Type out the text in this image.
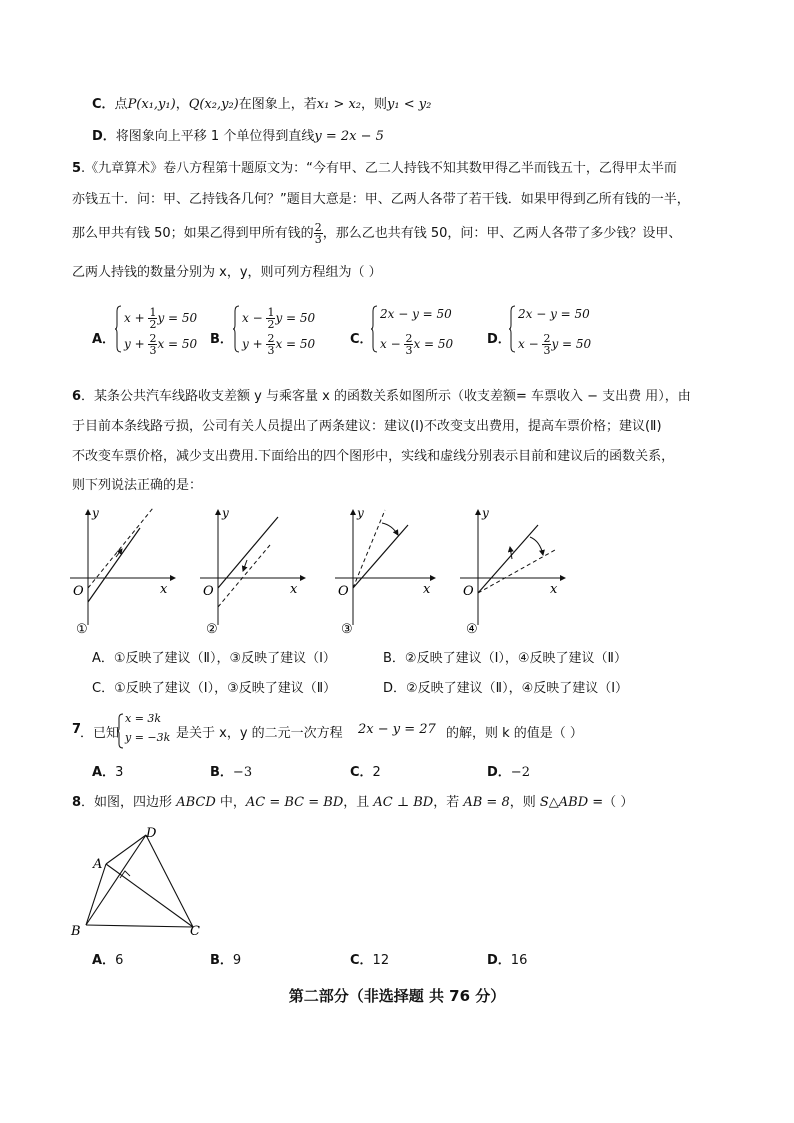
C．点P(x₁,y₁)，Q(x₂,y₂)在图象上，若x₁ > x₂，则y₁ < y₂
D．将图象向上平移 1 个单位得到直线y = 2x − 5
5.《九章算术》卷八方程第十题原文为：“今有甲、乙二人持钱不知其数甲得乙半而钱五十，乙得甲太半而
亦钱五十．问：甲、乙持钱各几何？”题目大意是：甲、乙两人各带了若干钱．如果甲得到乙所有钱的一半，
那么甲共有钱 50；如果乙得到甲所有钱的 $\frac{2}{3}$ ，那么乙也共有钱 50，问：甲、乙两人各带了多少钱？设甲、
乙两人持钱的数量分别为 x，y，则可列方程组为（ ）
A．
$x + \frac{1}{2}$ y = 50
$y + \frac{2}{3}$ x = 50 B．
$x - \frac{1}{2}$ y = 50
$y + \frac{2}{3}$ x = 50	C．
2x − y = 50
$x - \frac{2}{3}$ x = 50	D．
2x − y = 50
$x - \frac{2}{3}$ y = 50
6．某条公共汽车线路收支差额 y 与乘客量 x 的函数关系如图所示（收支差额= 车票收入 − 支出费 用），由
于目前本条线路亏损，公司有关人员提出了两条建议：建议(Ⅰ)不改变支出费用，提高车票价格；建议(Ⅱ)
不改变车票价格，减少支出费用.下面给出的四个图形中，实线和虚线分别表示目前和建议后的函数关系，
则下列说法正确的是：
O	x
y
①
O	x
y
②
O	x
y
③
O	x
y
④
A．①反映了建议（Ⅱ），③反映了建议（Ⅰ）	B．②反映了建议（Ⅰ），④反映了建议（Ⅱ）
C．①反映了建议（Ⅰ），③反映了建议（Ⅱ）	D．②反映了建议（Ⅱ），④反映了建议（Ⅰ）
7
．已知
x = 3k
y = −3k 是关于 x，y 的二元一次方程 2x − y = 27 的解，则 k 的值是（ ）
A．3	B．−3	C．2	D．−2
8．如图，四边形 ABCD 中，AC = BC = BD，且 AC ⊥ BD，若 AB = 8，则 S△ABD =（ ）
D
A
B	C
A．6	B．9	C．12	D．16
第二部分（非选择题 共 76 分）
